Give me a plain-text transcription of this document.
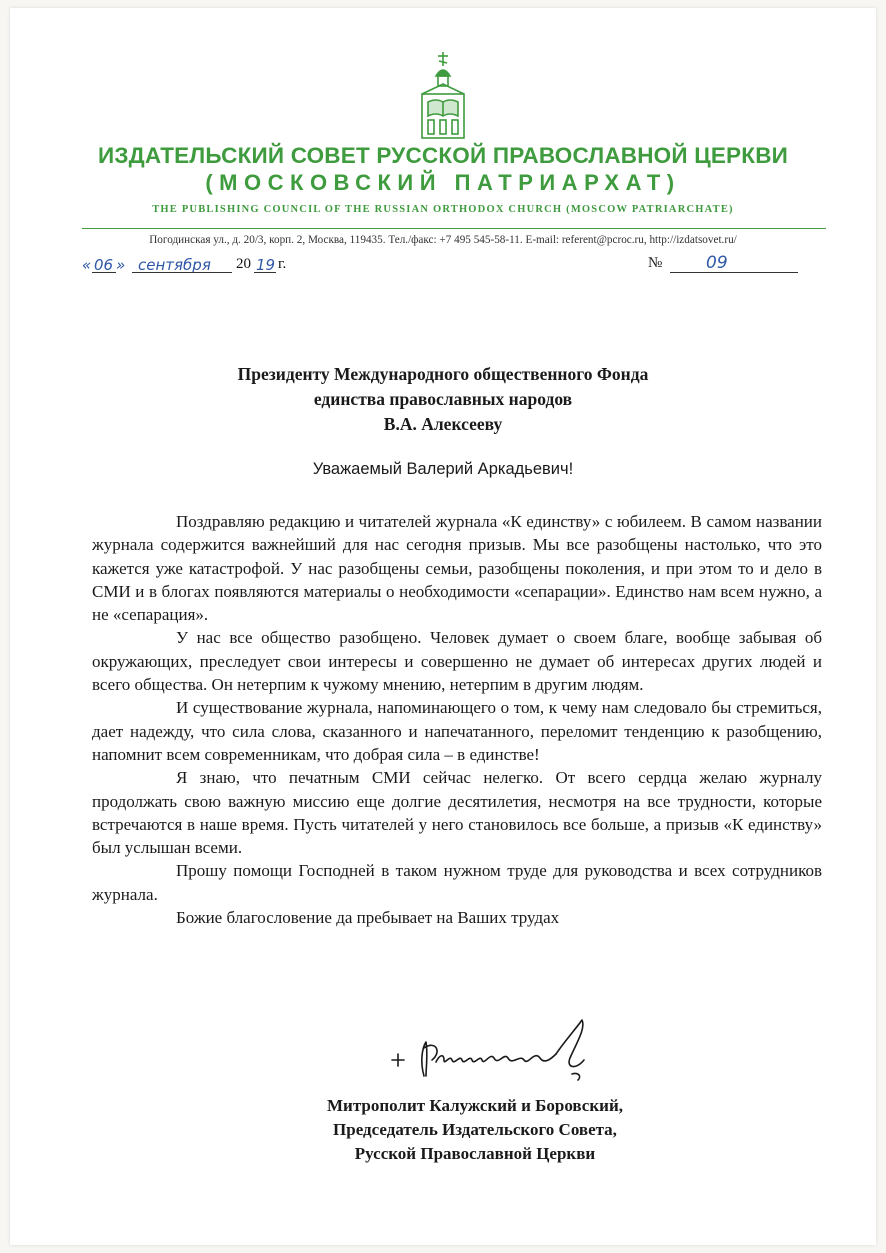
ИЗДАТЕЛЬСКИЙ СОВЕТ РУССКОЙ ПРАВОСЛАВНОЙ ЦЕРКВИ
(МОСКОВСКИЙ ПАТРИАРХАТ)
THE PUBLISHING COUNCIL OF THE RUSSIAN ORTHODOX CHURCH (MOSCOW PATRIARCHATE)
Погодинская ул., д. 20/3, корп. 2, Москва, 119435. Тел./факс: +7 495 545-58-11. E-mail: referent@pcroc.ru, http://izdatsovet.ru/
« 06 » сентября 20 19 г.	№	09
Президенту Международного общественного Фонда
единства православных народов
В.А. Алексееву
Уважаемый Валерий Аркадьевич!

Поздравляю редакцию и читателей журнала «К единству» с юбилеем. В самом названии журнала содержится важнейший для нас сегодня призыв. Мы все разобщены настолько, что это кажется уже катастрофой. У нас разобщены семьи, разобщены поколения, и при этом то и дело в СМИ и в блогах появляются материалы о необходимости «сепарации». Единство нам всем нужно, а не «сепарация».

У нас все общество разобщено. Человек думает о своем благе, вообще забывая об окружающих, преследует свои интересы и совершенно не думает об интересах других людей и всего общества. Он нетерпим к чужому мнению, нетерпим в другим людям.

И существование журнала, напоминающего о том, к чему нам следовало бы стремиться, дает надежду, что сила слова, сказанного и напечатанного, переломит тенденцию к разобщению, напомнит всем современникам, что добрая сила – в единстве!

Я знаю, что печатным СМИ сейчас нелегко. От всего сердца желаю журналу продолжать свою важную миссию еще долгие десятилетия, несмотря на все трудности, которые встречаются в наше время. Пусть читателей у него становилось все больше, а призыв «К единству» был услышан всеми.

Прошу помощи Господней в таком нужном труде для руководства и всех сотрудников журнала.

Божие благословение да пребывает на Ваших трудах

Митрополит Калужский и Боровский,
Председатель Издательского Совета,
Русской Православной Церкви
